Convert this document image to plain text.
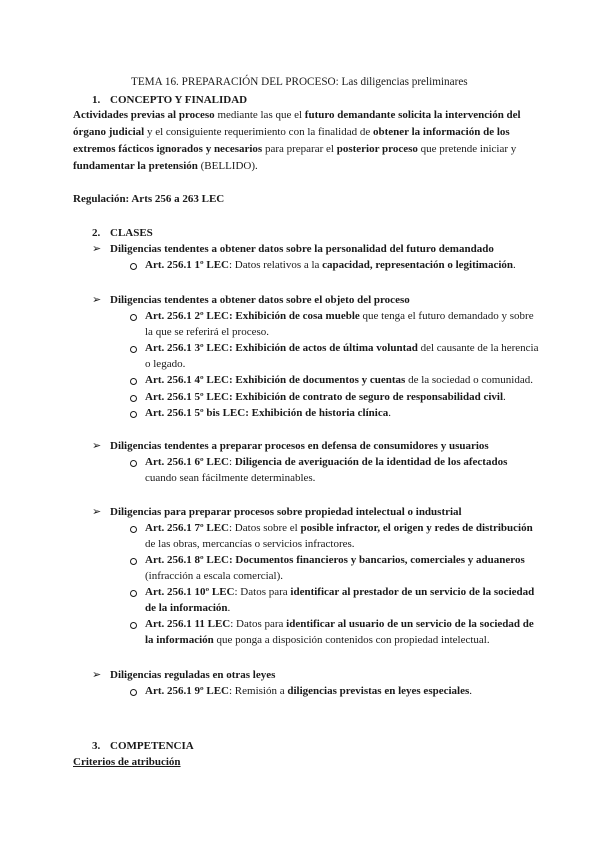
TEMA 16. PREPARACIÓN DEL PROCESO: Las diligencias preliminares
1. CONCEPTO Y FINALIDAD
Actividades previas al proceso mediante las que el futuro demandante solicita la intervención del
órgano judicial y el consiguiente requerimiento con la finalidad de obtener la información de los
extremos fácticos ignorados y necesarios para preparar el posterior proceso que pretende iniciar y
fundamentar la pretensión (BELLIDO).
Regulación: Arts 256 a 263 LEC
2. CLASES
➢ Diligencias tendentes a obtener datos sobre la personalidad del futuro demandado
Art. 256.1 1º LEC: Datos relativos a la capacidad, representación o legitimación.
➢ Diligencias tendentes a obtener datos sobre el objeto del proceso
Art. 256.1 2º LEC: Exhibición de cosa mueble que tenga el futuro demandado y sobre
la que se referirá el proceso.
Art. 256.1 3º LEC: Exhibición de actos de última voluntad del causante de la herencia
o legado.
Art. 256.1 4º LEC: Exhibición de documentos y cuentas de la sociedad o comunidad.
Art. 256.1 5º LEC: Exhibición de contrato de seguro de responsabilidad civil.
Art. 256.1 5º bis LEC: Exhibición de historia clínica.
➢ Diligencias tendentes a preparar procesos en defensa de consumidores y usuarios
Art. 256.1 6º LEC: Diligencia de averiguación de la identidad de los afectados
cuando sean fácilmente determinables.
➢ Diligencias para preparar procesos sobre propiedad intelectual o industrial
Art. 256.1 7º LEC: Datos sobre el posible infractor, el origen y redes de distribución
de las obras, mercancías o servicios infractores.
Art. 256.1 8º LEC: Documentos financieros y bancarios, comerciales y aduaneros
(infracción a escala comercial).
Art. 256.1 10º LEC: Datos para identificar al prestador de un servicio de la sociedad
de la información.
Art. 256.1 11 LEC: Datos para identificar al usuario de un servicio de la sociedad de
la información que ponga a disposición contenidos con propiedad intelectual.
➢ Diligencias reguladas en otras leyes
Art. 256.1 9º LEC: Remisión a diligencias previstas en leyes especiales.
3. COMPETENCIA
Criterios de atribución
